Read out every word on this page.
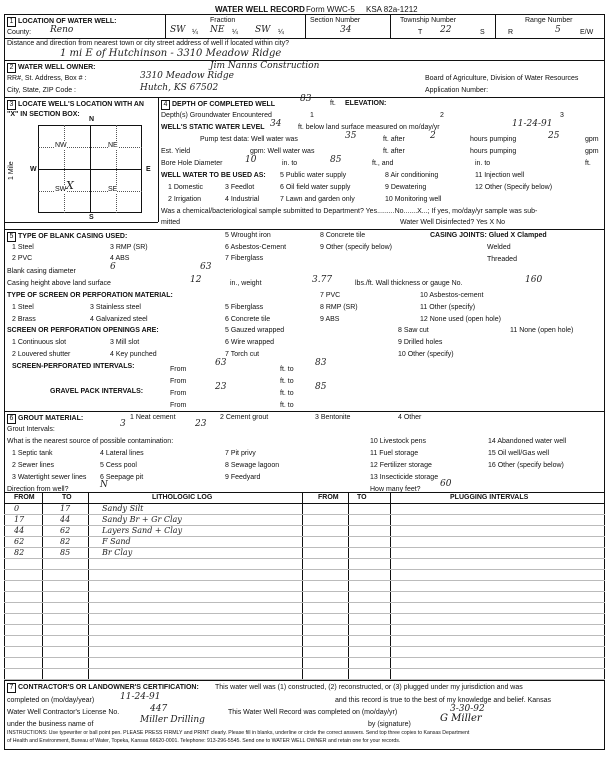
WATER WELL RECORD Form WWC-5 KSA 82a-1212
1 LOCATION OF WATER WELL:
County: Reno
Fraction
SW ¼ NE ¼ SW ¼
Section Number
34
Township Number
T 22	S
Range Number
R	5	E/W
Distance and direction from nearest town or city street address of well if located within city?
1 mi E of Hutchinson - 3310 Meadow Ridge
2 WATER WELL OWNER:	Jim Nanns Construction
RR#, St. Address, Box # :	3310 Meadow Ridge	Board of Agriculture, Division of Water Resources
City, State, ZIP Code :	Hutch, KS 67502	Application Number:
3 LOCATE WELL'S LOCATION WITH AN "X" IN SECTION BOX:
N
S
W	E
1 Mile
NW	NE
SW	SE
X
4 DEPTH OF COMPLETED WELL
83	ft. ELEVATION:
Depth(s) Groundwater Encountered	1	2	3
WELL'S STATIC WATER LEVEL 34 ft. below land surface measured on mo/day/yr	11-24-91
Pump test data: Well water was	35	ft. after	2	hours pumping	25	gpm
Est. Yield	gpm: Well water was	ft. after	hours pumping	gpm
Bore Hole Diameter	10	in. to	85	ft., and	in. to	ft.
WELL WATER TO BE USED AS:
1 Domestic
2 Irrigation
3 Feedlot
4 Industrial
5 Public water supply
6 Oil field water supply
7 Lawn and garden only
8 Air conditioning
9 Dewatering
10 Monitoring well
11 Injection well
12 Other (Specify below)
Was a chemical/bacteriological sample submitted to Department? Yes.........No.......X...; If yes, mo/day/yr sample was sub-
mitted	Water Well Disinfected? Yes X No
5 TYPE OF BLANK CASING USED:
1 Steel
2 PVC
3 RMP (SR)
4 ABS
5 Wrought iron
6 Asbestos-Cement
7 Fiberglass
8 Concrete tile
9 Other (specify below)
CASING JOINTS: Glued X Clamped
Welded
Threaded
Blank casing diameter	6	63
Casing height above land surface	12	in., weight	3.77	lbs./ft. Wall thickness or gauge No.	160
TYPE OF SCREEN OR PERFORATION MATERIAL:
1 Steel
2 Brass
3 Stainless steel
4 Galvanized steel
5 Fiberglass
6 Concrete tile
7 PVC
8 RMP (SR)
9 ABS
10 Asbestos-cement
11 Other (specify)
12 None used (open hole)
SCREEN OR PERFORATION OPENINGS ARE:
1 Continuous slot
2 Louvered shutter
3 Mill slot
4 Key punched
5 Gauzed wrapped
6 Wire wrapped
7 Torch cut
8 Saw cut
9 Drilled holes
10 Other (specify)
11 None (open hole)
SCREEN-PERFORATED INTERVALS:	From
63
ft. to
83
From	ft. to
GRAVEL PACK INTERVALS:	From
23
ft. to
85
From	ft. to
6 GROUT MATERIAL:	1 Neat cement	2 Cement grout	3 Bentonite	4 Other
Grout Intervals:
3	23
What is the nearest source of possible contamination:
1 Septic tank
2 Sewer lines
3 Watertight sewer lines
4 Lateral lines
5 Cess pool
6 Seepage pit
7 Pit privy
8 Sewage lagoon
9 Feedyard
10 Livestock pens
11 Fuel storage
12 Fertilizer storage
13 Insecticide storage
14 Abandoned water well
15 Oil well/Gas well
16 Other (specify below)
Direction from well?	N	How many feet?
60
FROM	TO	LITHOLOGIC LOG	FROM	TO	PLUGGING INTERVALS
0	17	Sandy Silt
17	44	Sandy Br + Gr Clay
44	62	Layers Sand + Clay
62	82	F Sand
82	85	Br Clay
7 CONTRACTOR'S OR LANDOWNER'S CERTIFICATION: This water well was (1) constructed, (2) reconstructed, or (3) plugged under my jurisdiction and was
completed on (mo/day/year)	11-24-91	and this record is true to the best of my knowledge and belief. Kansas
Water Well Contractor's License No.	447	This Water Well Record was completed on (mo/day/yr)	3-30-92
under the business name of	Miller Drilling	by (signature)
G Miller
INSTRUCTIONS: Use typewriter or ball point pen. PLEASE PRESS FIRMLY and PRINT clearly. Please fill in blanks, underline or circle the correct answers. Send top three copies to Kansas Department
of Health and Environment, Bureau of Water, Topeka, Kansas 66620-0001. Telephone: 913-296-5545. Send one to WATER WELL OWNER and retain one for your records.
